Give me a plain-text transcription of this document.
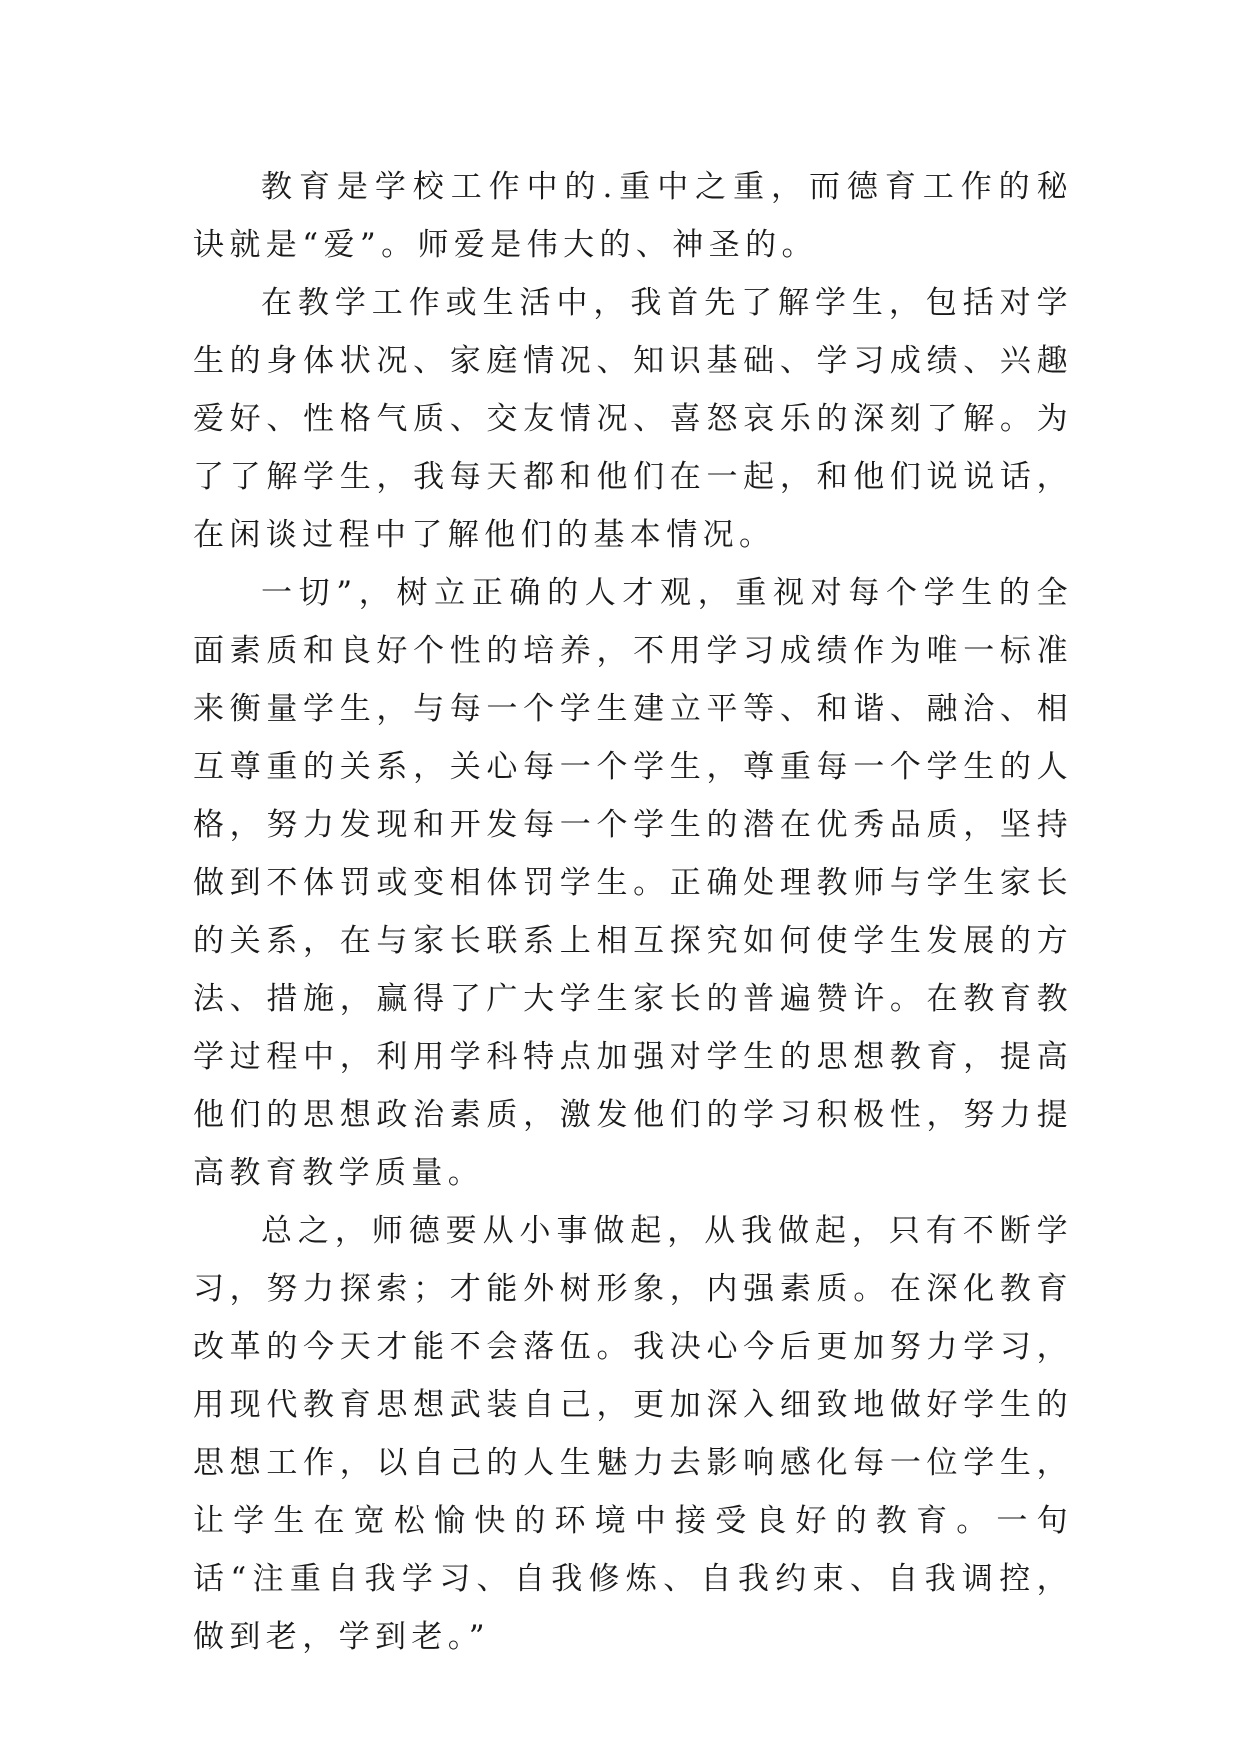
教育是学校工作中的.重中之重，而德育工作的秘诀就是“爱”。师爱是伟大的、神圣的。

在教学工作或生活中，我首先了解学生，包括对学生的身体状况、家庭情况、知识基础、学习成绩、兴趣爱好、性格气质、交友情况、喜怒哀乐的深刻了解。为了了解学生，我每天都和他们在一起，和他们说说话，在闲谈过程中了解他们的基本情况。

一切”，树立正确的人才观，重视对每个学生的全面素质和良好个性的培养，不用学习成绩作为唯一标准来衡量学生，与每一个学生建立平等、和谐、融洽、相互尊重的关系，关心每一个学生，尊重每一个学生的人格，努力发现和开发每一个学生的潜在优秀品质，坚持做到不体罚或变相体罚学生。正确处理教师与学生家长的关系，在与家长联系上相互探究如何使学生发展的方法、措施，赢得了广大学生家长的普遍赞许。在教育教学过程中，利用学科特点加强对学生的思想教育，提高他们的思想政治素质，激发他们的学习积极性，努力提高教育教学质量。

总之，师德要从小事做起，从我做起，只有不断学习，努力探索；才能外树形象，内强素质。在深化教育改革的今天才能不会落伍。我决心今后更加努力学习，用现代教育思想武装自己，更加深入细致地做好学生的思想工作，以自己的人生魅力去影响感化每一位学生，让学生在宽松愉快的环境中接受良好的教育。一句话“注重自我学习、自我修炼、自我约束、自我调控，做到老，学到老。”
